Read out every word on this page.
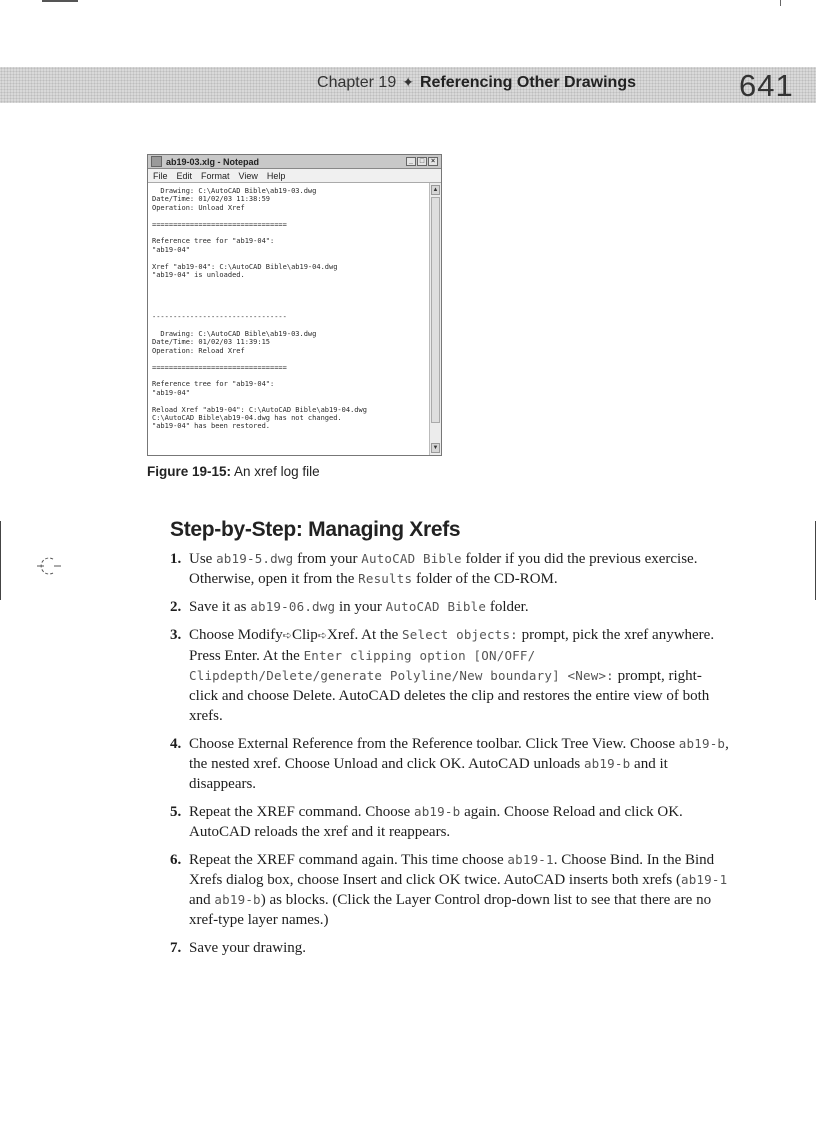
Chapter 19 ✦ Referencing Other Drawings	641
ab19-03.xlg - Notepad	_ □ ×
File Edit Format View Help
Drawing: C:\AutoCAD Bible\ab19-03.dwg
Date/Time: 01/02/03 11:38:59
Operation: Unload Xref

================================

Reference tree for "ab19-04":
"ab19-04"

Xref "ab19-04": C:\AutoCAD Bible\ab19-04.dwg
"ab19-04" is unloaded.

--------------------------------

Drawing: C:\AutoCAD Bible\ab19-03.dwg
Date/Time: 01/02/03 11:39:15
Operation: Reload Xref

================================

Reference tree for "ab19-04":
"ab19-04"

Reload Xref "ab19-04": C:\AutoCAD Bible\ab19-04.dwg
C:\AutoCAD Bible\ab19-04.dwg has not changed.
"ab19-04" has been restored.
▲
▼
Figure 19-15: An xref log file
Step-by-Step: Managing Xrefs
1. Use ab19-5.dwg from your AutoCAD Bible folder if you did the previous exercise. Otherwise, open it from the Results folder of the CD-ROM.
2. Save it as ab19-06.dwg in your AutoCAD Bible folder.
3. Choose Modify➪Clip➪Xref. At the Select objects: prompt, pick the xref anywhere. Press Enter. At the Enter clipping option [ON/OFF/ Clipdepth/Delete/generate Polyline/New boundary] <New>: prompt, right-click and choose Delete. AutoCAD deletes the clip and restores the entire view of both xrefs.
4. Choose External Reference from the Reference toolbar. Click Tree View. Choose ab19-b, the nested xref. Choose Unload and click OK. AutoCAD unloads ab19-b and it disappears.
5. Repeat the XREF command. Choose ab19-b again. Choose Reload and click OK. AutoCAD reloads the xref and it reappears.
6. Repeat the XREF command again. This time choose ab19-1. Choose Bind. In the Bind Xrefs dialog box, choose Insert and click OK twice. AutoCAD inserts both xrefs (ab19-1 and ab19-b) as blocks. (Click the Layer Control drop-down list to see that there are no xref-type layer names.)
7. Save your drawing.
